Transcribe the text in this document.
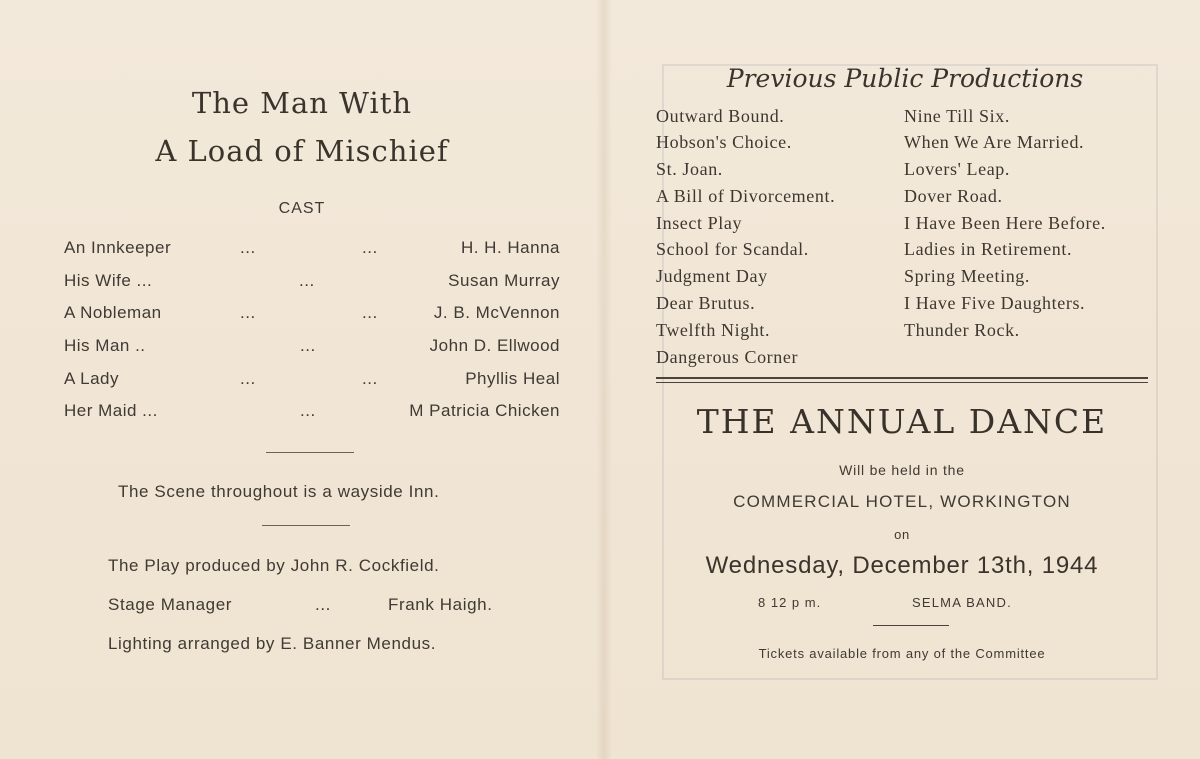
The Man With
A Load of Mischief
CAST
An Innkeeper	...	...	H. H. Hanna
His Wife ...	...	Susan Murray
A Nobleman	...	...	J. B. McVennon
His Man ..	...	John D. Ellwood
A Lady	...	...	Phyllis Heal
Her Maid ...	...	M Patricia Chicken
The Scene throughout is a wayside Inn.
The Play produced by John R. Cockfield.
Stage Manager	...	Frank Haigh.
Lighting arranged by E. Banner Mendus.
Previous Public Productions
Outward Bound.
Hobson's Choice.
St. Joan.
A Bill of Divorcement.
Insect Play
School for Scandal.
Judgment Day
Dear Brutus.
Twelfth Night.
Dangerous Corner
Nine Till Six.
When We Are Married.
Lovers' Leap.
Dover Road.
I Have Been Here Before.
Ladies in Retirement.
Spring Meeting.
I Have Five Daughters.
Thunder Rock.
THE ANNUAL DANCE
Will be held in the
COMMERCIAL HOTEL, WORKINGTON
on
Wednesday, December 13th, 1944
8 12 p m.	SELMA BAND.
Tickets available from any of the Committee
